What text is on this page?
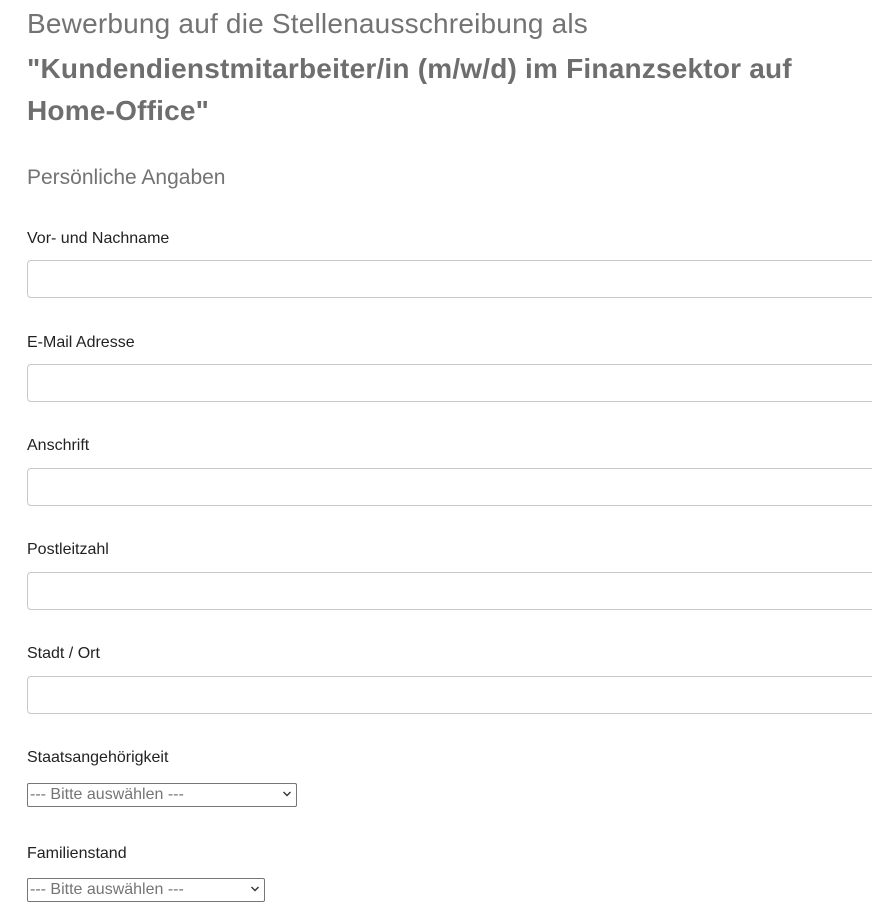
Bewerbung auf die Stellenausschreibung als
"Kundendienstmitarbeiter/in (m/w/d) im Finanzsektor auf Home-Office"
Persönliche Angaben
Vor- und Nachname
E-Mail Adresse
Anschrift
Postleitzahl
Stadt / Ort
Staatsangehörigkeit
--- Bitte auswählen ---
Familienstand
--- Bitte auswählen ---
